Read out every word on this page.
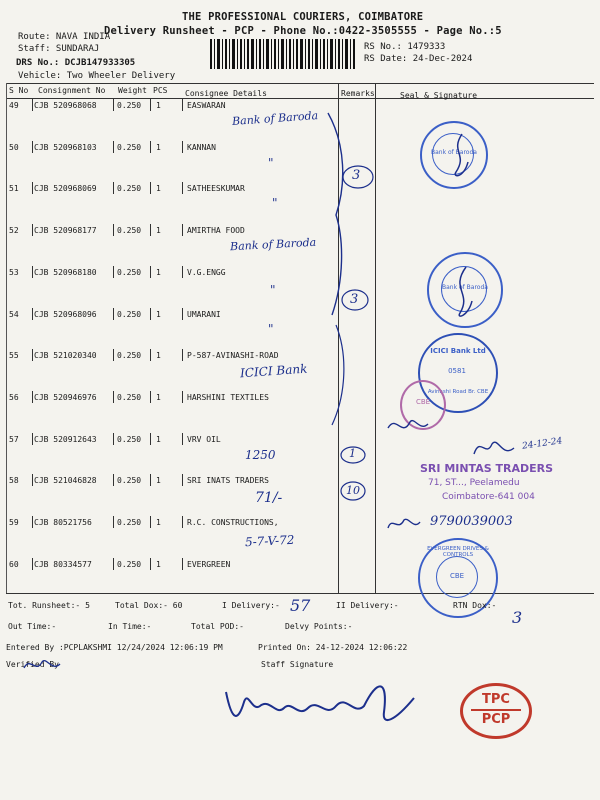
THE PROFESSIONAL COURIERS, COIMBATORE
Delivery Runsheet - PCP - Phone No.:0422-3505555 - Page No.:5
Route: NAVA INDIA
Staff: SUNDARAJ
DRS No.: DCJB147933305
Vehicle: Two Wheeler Delivery
RS No.: 1479333
RS Date: 24-Dec-2024
S No Consignment No Weight PCS Consignee Details	Remarks	Seal & Signature
49 CJB 520968068	0.250 1	EASWARAN
50 CJB 520968103	0.250 1	KANNAN
51 CJB 520968069	0.250 1	SATHEESKUMAR
52 CJB 520968177	0.250 1	AMIRTHA FOOD
53 CJB 520968180	0.250 1	V.G.ENGG
54 CJB 520968096	0.250 1	UMARANI
55 CJB 521020340	0.250 1	P-587-AVINASHI-ROAD
56 CJB 520946976	0.250 1	HARSHINI TEXTILES
57 CJB 520912643	0.250 1	VRV OIL
58 CJB 521046828	0.250 1	SRI INATS TRADERS
59 CJB 80521756	0.250 1	R.C. CONSTRUCTIONS,
60 CJB 80334577	0.250 1	EVERGREEN
Bank of Baroda
"
"
Bank of Baroda
"
"
ICICI Bank
1250
71/-
5-7-V-72
3
3
1
10
Bank of Baroda
Bank of Baroda
ICICI Bank Ltd
0581
Avinashi Road Br. CBE
CBE
24-12-24
SRI MINTAS TRADERS
71, ST..., Peelamedu
Coimbatore-641 004
9790039003
EVERGREEN DRIVES & CONTROLS
CBE
Tot. Runsheet:- 5	Total Dox:- 60	I Delivery:- 57	II Delivery:-	RTN Dox:-
3
Out Time:-	In Time:-	Total POD:-	Delvy Points:-
Entered By :PCPLAKSHMI 12/24/2024 12:06:19 PM	Printed On: 24-12-2024 12:06:22
Verified By	Staff Signature
TPC
PCP
